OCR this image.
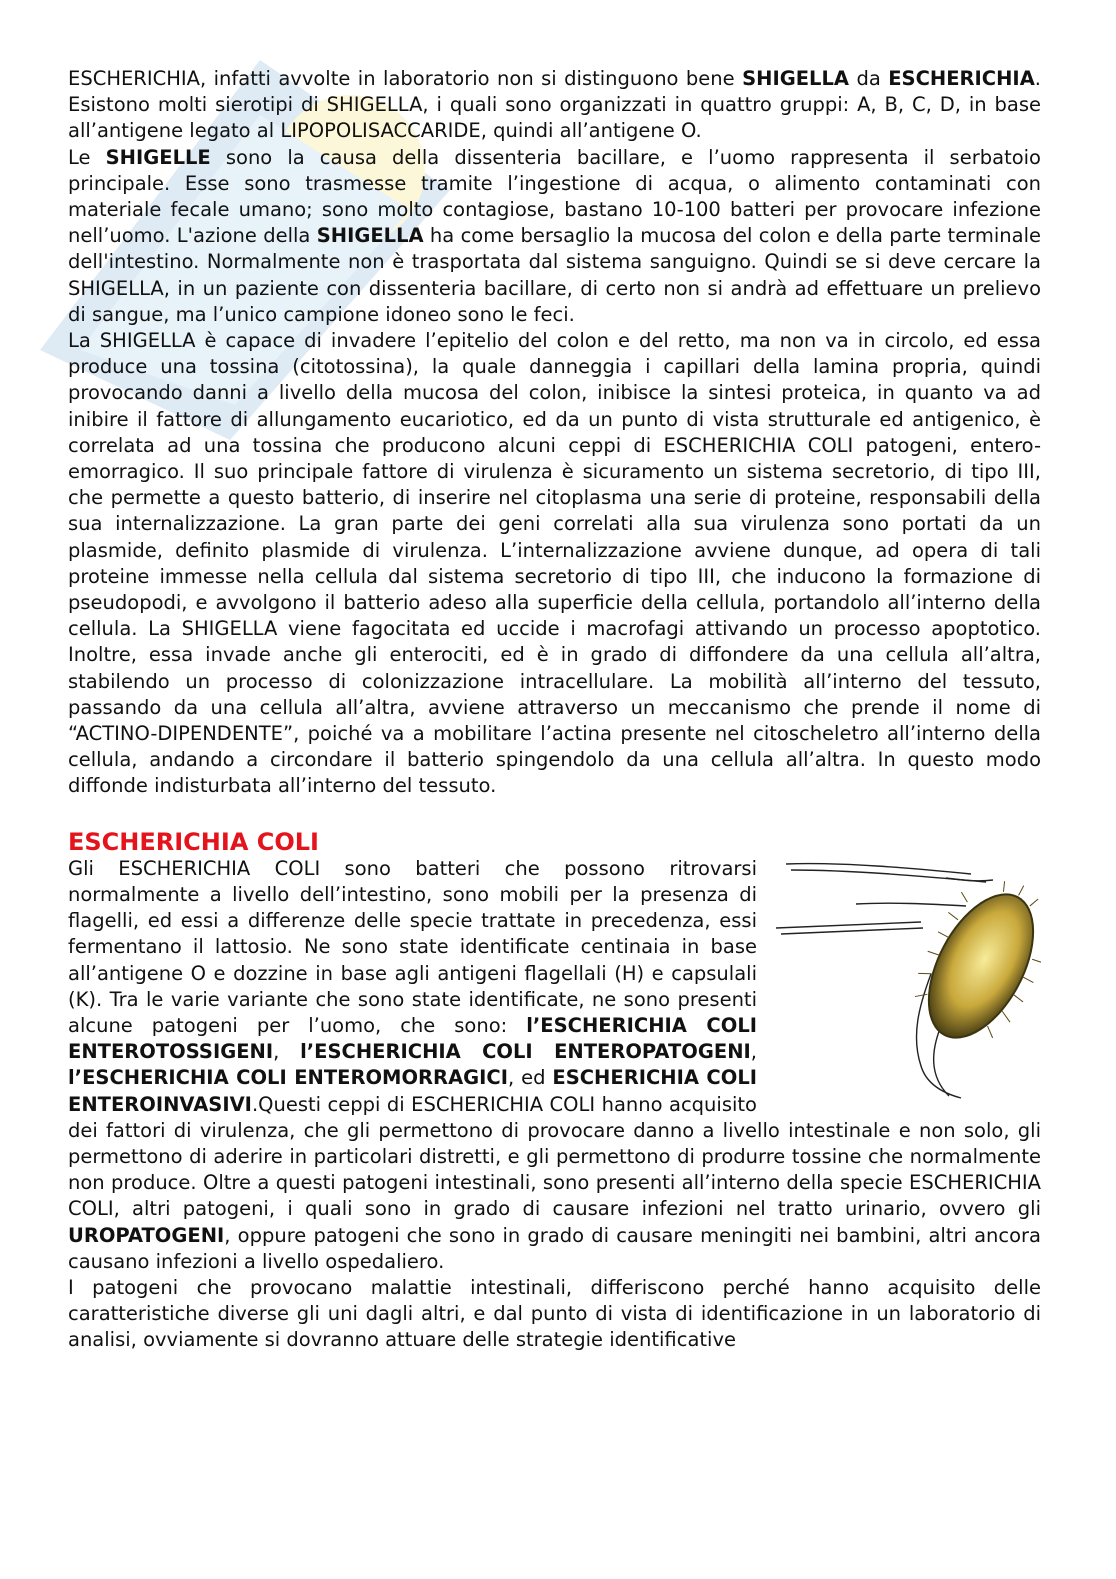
ESCHERICHIA, infatti avvolte in laboratorio non si distinguono bene SHIGELLA da ESCHERICHIA. Esistono molti sierotipi di SHIGELLA, i quali sono organizzati in quattro gruppi: A, B, C, D, in base all’antigene legato al LIPOPOLISACCARIDE, quindi all’antigene O.

Le SHIGELLE sono la causa della dissenteria bacillare, e l’uomo rappresenta il serbatoio principale. Esse sono trasmesse tramite l’ingestione di acqua, o alimento contaminati con materiale fecale umano; sono molto contagiose, bastano 10-100 batteri per provocare infezione nell’uomo. L'azione della SHIGELLA ha come bersaglio la mucosa del colon e della parte terminale dell'intestino. Normalmente non è trasportata dal sistema sanguigno. Quindi se si deve cercare la SHIGELLA, in un paziente con dissenteria bacillare, di certo non si andrà ad effettuare un prelievo di sangue, ma l’unico campione idoneo sono le feci.

La SHIGELLA è capace di invadere l’epitelio del colon e del retto, ma non va in circolo, ed essa produce una tossina (citotossina), la quale danneggia i capillari della lamina propria, quindi provocando danni a livello della mucosa del colon, inibisce la sintesi proteica, in quanto va ad inibire il fattore di allungamento eucariotico, ed da un punto di vista strutturale ed antigenico, è correlata ad una tossina che producono alcuni ceppi di ESCHERICHIA COLI patogeni, entero-emorragico. Il suo principale fattore di virulenza è sicuramento un sistema secretorio, di tipo III, che permette a questo batterio, di inserire nel citoplasma una serie di proteine, responsabili della sua internalizzazione. La gran parte dei geni correlati alla sua virulenza sono portati da un plasmide, definito plasmide di virulenza. L’internalizzazione avviene dunque, ad opera di tali proteine immesse nella cellula dal sistema secretorio di tipo III, che inducono la formazione di pseudopodi, e avvolgono il batterio adeso alla superficie della cellula, portandolo all’interno della cellula. La SHIGELLA viene fagocitata ed uccide i macrofagi attivando un processo apoptotico. Inoltre, essa invade anche gli enterociti, ed è in grado di diffondere da una cellula all’altra, stabilendo un processo di colonizzazione intracellulare. La mobilità all’interno del tessuto, passando da una cellula all’altra, avviene attraverso un meccanismo che prende il nome di “ACTINO-DIPENDENTE”, poiché va a mobilitare l’actina presente nel citoscheletro all’interno della cellula, andando a circondare il batterio spingendolo da una cellula all’altra. In questo modo diffonde indisturbata all’interno del tessuto.

ESCHERICHIA COLI

Gli ESCHERICHIA COLI sono batteri che possono ritrovarsi normalmente a livello dell’intestino, sono mobili per la presenza di flagelli, ed essi a differenze delle specie trattate in precedenza, essi fermentano il lattosio. Ne sono state identificate centinaia in base all’antigene O e dozzine in base agli antigeni flagellali (H) e capsulali (K). Tra le varie variante che sono state identificate, ne sono presenti alcune patogeni per l’uomo, che sono: l’ESCHERICHIA COLI ENTEROTOSSIGENI, l’ESCHERICHIA COLI ENTEROPATOGENI, l’ESCHERICHIA COLI ENTEROMORRAGICI, ed ESCHERICHIA COLI ENTEROINVASIVI.Questi ceppi di ESCHERICHIA COLI hanno acquisito dei fattori di virulenza, che gli permettono di provocare danno a livello intestinale e non solo, gli permettono di aderire in particolari distretti, e gli permettono di produrre tossine che normalmente non produce. Oltre a questi patogeni intestinali, sono presenti all’interno della specie ESCHERICHIA COLI, altri patogeni, i quali sono in grado di causare infezioni nel tratto urinario, ovvero gli UROPATOGENI, oppure patogeni che sono in grado di causare meningiti nei bambini, altri ancora causano infezioni a livello ospedaliero.

I patogeni che provocano malattie intestinali, differiscono perché hanno acquisito delle caratteristiche diverse gli uni dagli altri, e dal punto di vista di identificazione in un laboratorio di analisi, ovviamente si dovranno attuare delle strategie identificative
